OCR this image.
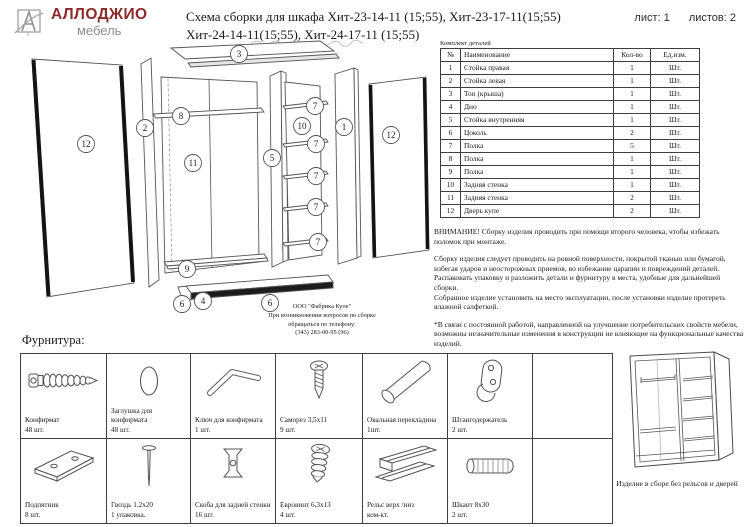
АЛЛОДЖИО
мебель
Схема сборки для шкафа Хит-23-14-11 (15;55), Хит-23-17-11(15;55)
Хит-24-14-11(15;55), Хит-24-17-11 (15;55)
лист: 1 листов: 2
3
12
2
8
11
9
5
10
7
7
7
7
7
1
12
6 4	6
Комплект деталей
№	Наименование	Кол-во	Ед.изм.
1	Стойка правая	1	Шт.
2	Стойка левая	1	Шт.
3	Топ (крыша)	1	Шт.
4	Дно	1	Шт.
5	Стойка внутренняя	1	Шт.
6	Цоколь	2	Шт.
7	Полка	5	Шт.
8	Полка	1	Шт.
9	Полка	1	Шт.
10	Задняя стенка	1	Шт.
11	Задняя стенка	2	Шт.
12	Дверь купе	2	Шт.
ВНИМАНИЕ! Сборку изделия проводить при помощи второго человека, чтобы избежать поломок при монтаже.
Сборку изделия следует проводить на ровной поверхности, покрытой тканью или бумагой, избегая ударов и неосторожных приемов, во избежание царапин и повреждений деталей.
Распаковать упаковку и разложить детали и фурнитуру в места, удобные для дальнейшей сборки.
Собранное изделие установить на место эксплуатации, после установки изделие протереть влажной салфеткой.
*В связи с постоянной работой, направленной на улучшение потребительских свойств мебели, возможны незначительные изменения в конструкции не влияющие на функциональные качества изделий.
ООО "Фабрика Купе"
При возникновении вопросов по сборке
обращаться по телефону:
(343) 283-00-95 (96)
Фурнитура:
Конфирмат
48 шт.
Заглушка для конфирмата
48 шт.
Ключ для конфирмата
1 шт.
Саморез 3,5x11
9 шт.
Овальная перекладина
1шт.
Штангодержатель
2 шт.
Подпятник
8 шт.
Гвоздь 1.2x20
1 упаковка.
Скоба для задней стенки
16 шт.
Евровинт 6,3x13
4 шт.
Рельс верх /низ
ком-кт.
Шкант 8x30
2 шт.
Изделие в сборе без рельсов и дверей
